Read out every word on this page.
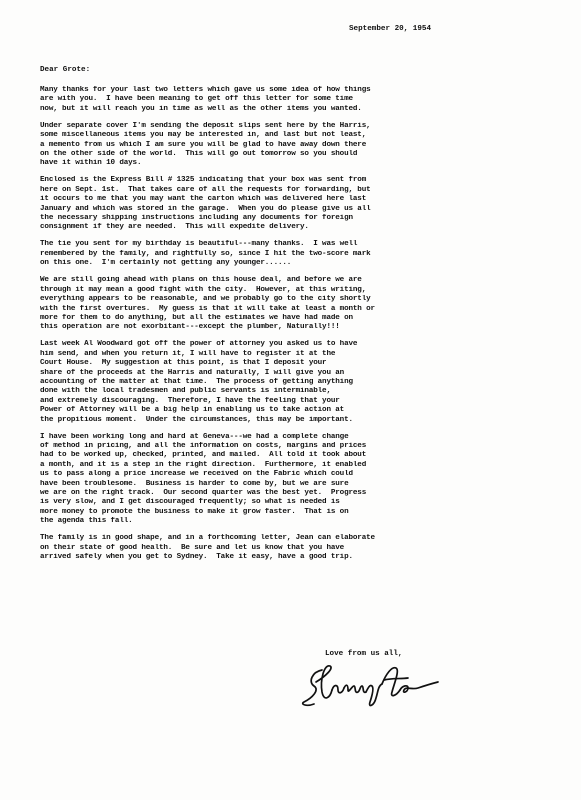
September 20, 1954
Dear Grote:
Many thanks for your last two letters which gave us some idea of how things
are with you.  I have been meaning to get off this letter for some time
now, but it will reach you in time as well as the other items you wanted.
Under separate cover I'm sending the deposit slips sent here by the Harris,
some miscellaneous items you may be interested in, and last but not least,
a memento from us which I am sure you will be glad to have away down there
on the other side of the world.  This will go out tomorrow so you should
have it within 10 days.
Enclosed is the Express Bill # 1325 indicating that your box was sent from
here on Sept. 1st.  That takes care of all the requests for forwarding, but
it occurs to me that you may want the carton which was delivered here last
January and which was stored in the garage.  When you do please give us all
the necessary shipping instructions including any documents for foreign
consignment if they are needed.  This will expedite delivery.
The tie you sent for my birthday is beautiful---many thanks.  I was well
remembered by the family, and rightfully so, since I hit the two-score mark
on this one.  I'm certainly not getting any younger......
We are still going ahead with plans on this house deal, and before we are
through it may mean a good fight with the city.  However, at this writing,
everything appears to be reasonable, and we probably go to the city shortly
with the first overtures.  My guess is that it will take at least a month or
more for them to do anything, but all the estimates we have had made on
this operation are not exorbitant---except the plumber, Naturally!!!
Last week Al Woodward got off the power of attorney you asked us to have
him send, and when you return it, I will have to register it at the
Court House.  My suggestion at this point, is that I deposit your
share of the proceeds at the Harris and naturally, I will give you an
accounting of the matter at that time.  The process of getting anything
done with the local tradesmen and public servants is interminable,
and extremely discouraging.  Therefore, I have the feeling that your
Power of Attorney will be a big help in enabling us to take action at
the propitious moment.  Under the circumstances, this may be important.
I have been working long and hard at Geneva---we had a complete change
of method in pricing, and all the information on costs, margins and prices
had to be worked up, checked, printed, and mailed.  All told it took about
a month, and it is a step in the right direction.  Furthermore, it enabled
us to pass along a price increase we received on the Fabric which could
have been troublesome.  Business is harder to come by, but we are sure
we are on the right track.  Our second quarter was the best yet.  Progress
is very slow, and I get discouraged frequently; so what is needed is
more money to promote the business to make it grow faster.  That is on
the agenda this fall.
The family is in good shape, and in a forthcoming letter, Jean can elaborate
on their state of good health.  Be sure and let us know that you have
arrived safely when you get to Sydney.  Take it easy, have a good trip.
Love from us all,
